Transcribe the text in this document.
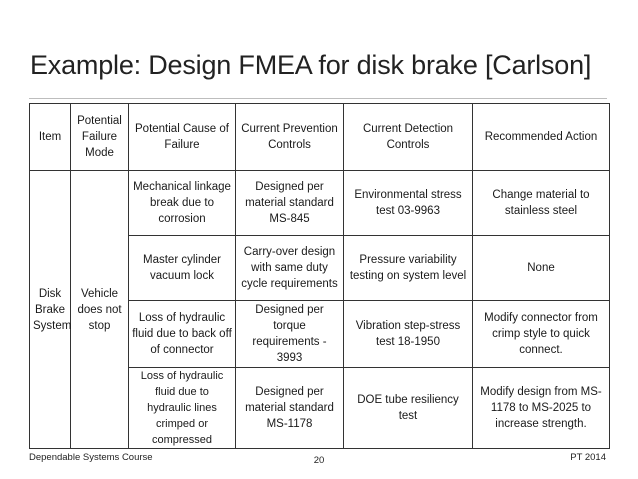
Example: Design FMEA for disk brake [Carlson]
Item	Potential Failure Mode	Potential Cause of Failure	Current Prevention Controls	Current Detection Controls	Recommended Action
Disk Brake System	Vehicle does not stop	Mechanical linkage break due to corrosion	Designed per material standard MS-845	Environmental stress test 03-9963	Change material to stainless steel
		Master cylinder vacuum lock	Carry-over design with same duty cycle requirements	Pressure variability testing on system level	None
		Loss of hydraulic fluid due to back off of connector	Designed per torque requirements - 3993	Vibration step-stress test 18-1950	Modify connector from crimp style to quick connect.
		Loss of hydraulic fluid due to hydraulic lines crimped or compressed	Designed per material standard MS-1178	DOE tube resiliency test	Modify design from MS-1178 to MS-2025 to increase strength.
Dependable Systems Course	20	PT 2014
